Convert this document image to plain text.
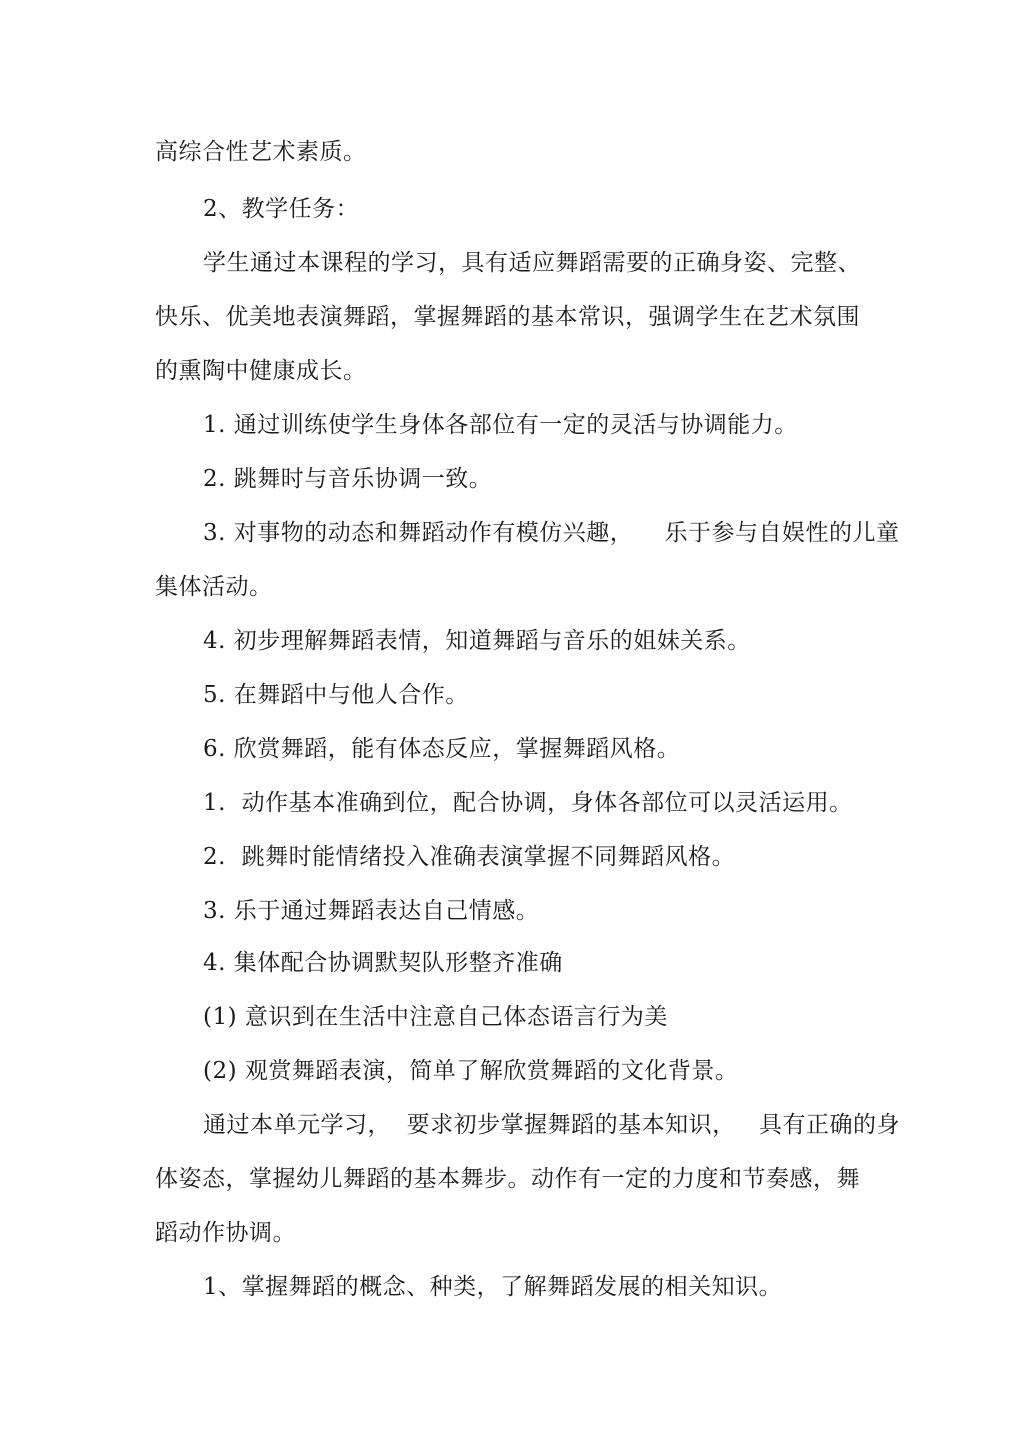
高综合性艺术素质。
2、教学任务：
学生通过本课程的学习，具有适应舞蹈需要的正确身姿、完整、
快乐、优美地表演舞蹈，掌握舞蹈的基本常识，强调学生在艺术氛围
的熏陶中健康成长。
1. 通过训练使学生身体各部位有一定的灵活与协调能力。
2. 跳舞时与音乐协调一致。
3. 对事物的动态和舞蹈动作有模仿兴趣，    乐于参与自娱性的儿童
集体活动。
4. 初步理解舞蹈表情，知道舞蹈与音乐的姐妹关系。
5. 在舞蹈中与他人合作。
6. 欣赏舞蹈，能有体态反应，掌握舞蹈风格。
1.  动作基本准确到位，配合协调，身体各部位可以灵活运用。
2.  跳舞时能情绪投入准确表演掌握不同舞蹈风格。
3. 乐于通过舞蹈表达自己情感。
4. 集体配合协调默契队形整齐准确
(1) 意识到在生活中注意自己体态语言行为美
(2) 观赏舞蹈表演，简单了解欣赏舞蹈的文化背景。
通过本单元学习，  要求初步掌握舞蹈的基本知识，   具有正确的身
体姿态，掌握幼儿舞蹈的基本舞步。动作有一定的力度和节奏感，舞
蹈动作协调。
1、掌握舞蹈的概念、种类，了解舞蹈发展的相关知识。
